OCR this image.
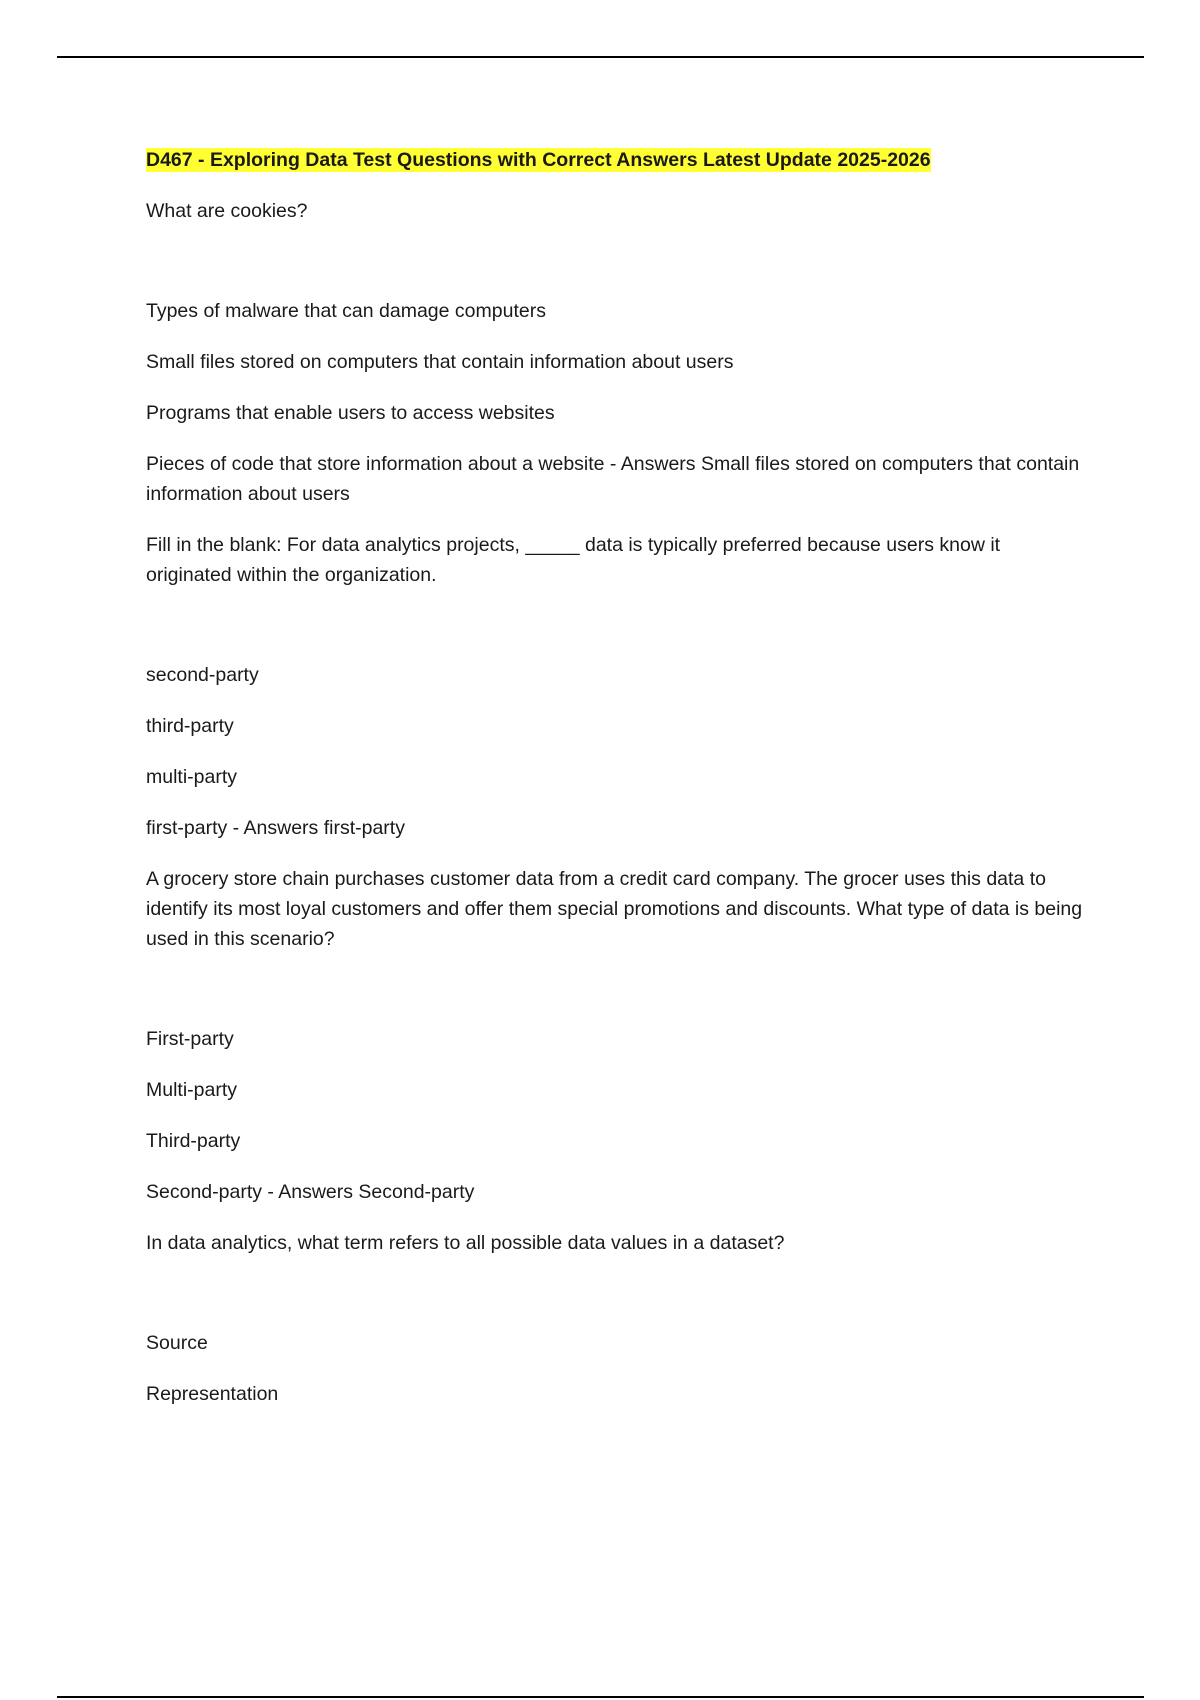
D467 - Exploring Data Test Questions with Correct Answers Latest Update 2025-2026

What are cookies?

Types of malware that can damage computers

Small files stored on computers that contain information about users

Programs that enable users to access websites

Pieces of code that store information about a website - Answers Small files stored on computers that contain information about users

Fill in the blank: For data analytics projects, _____ data is typically preferred because users know it originated within the organization.

second-party

third-party

multi-party

first-party - Answers first-party

A grocery store chain purchases customer data from a credit card company. The grocer uses this data to identify its most loyal customers and offer them special promotions and discounts. What type of data is being used in this scenario?

First-party

Multi-party

Third-party

Second-party - Answers Second-party

In data analytics, what term refers to all possible data values in a dataset?

Source

Representation
